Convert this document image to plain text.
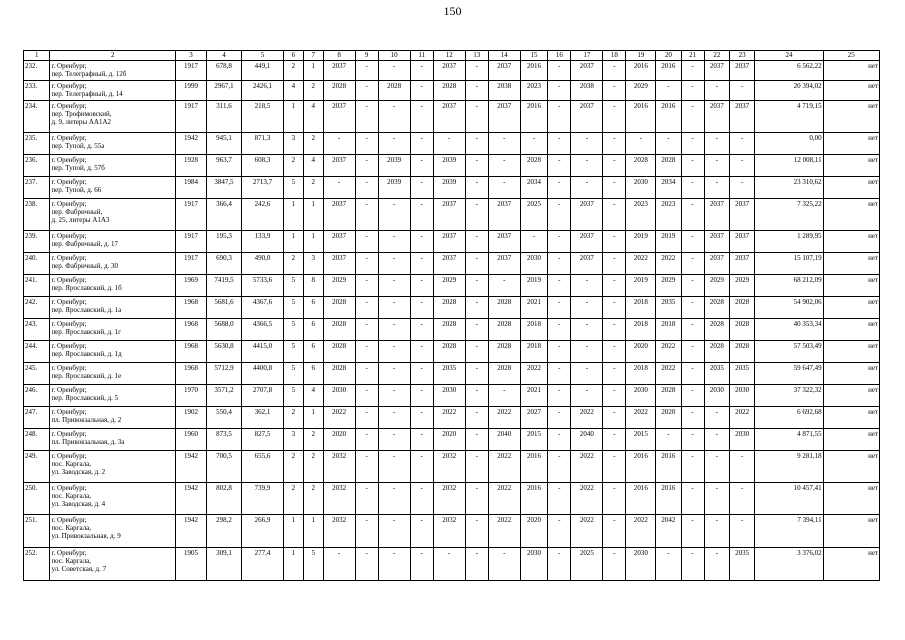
150
1	2	3	4	5	6	7	8	9	10	11	12	13	14	15	16	17	18	19	20	21	22	23	24	25
232.	г. Оренбург,
пер. Телеграфный, д. 12б	1917	678,8	449,1	2	1	2037	-	-	-	2037	-	2037	2016	-	2037	-	2016	2016	-	2037	2037	6 562,22	нет
233.	г. Оренбург,
пер. Телеграфный, д. 14	1999	2967,1	2426,1	4	2	2028	-	2028	-	2028	-	2038	2023	-	2038	-	2029	-	-	-	-	20 394,02	нет
234.	г. Оренбург,
пер. Трофимовский,
д. 9, литеры АА1А2	1917	311,6	218,5	1	4	2037	-	-	-	2037	-	2037	2016	-	2037	-	2016	2016	-	2037	2037	4 719,15	нет
235.	г. Оренбург,
пер. Тупой, д. 55а	1942	945,1	871,3	3	2	-	-	-	-	-	-	-	-	-	-	-	-	-	-	-	-	0,00	нет
236.	г. Оренбург,
пер. Тупой, д. 57б	1928	963,7	608,3	2	4	2037	-	2039	-	2039	-	-	2028	-	-	-	2028	2028	-	-	-	12 008,11	нет
237.	г. Оренбург,
пер. Тупой, д. 66	1984	3847,5	2713,7	5	2	-	-	2039	-	2039	-	-	2034	-	-	-	2030	2034	-	-	-	23 310,62	нет
238.	г. Оренбург,
пер. Фабричный,
д. 25, литеры А1А3	1917	366,4	242,6	1	1	2037	-	-	-	2037	-	2037	2025	-	2037	-	2023	2023	-	2037	2037	7 325,22	нет
239.	г. Оренбург,
пер. Фабричный, д. 17	1917	195,3	133,9	1	1	2037	-	-	-	2037	-	2037	-	-	2037	-	2019	2019	-	2037	2037	1 289,95	нет
240.	г. Оренбург,
пер. Фабричный, д. 30	1917	690,3	490,0	2	3	2037	-	-	-	2037	-	2037	2030	-	2037	-	2022	2022	-	2037	2037	15 107,19	нет
241.	г. Оренбург,
пер. Ярославский, д. 1б	1969	7419,5	5733,6	5	8	2029	-	-	-	2029	-	-	2019	-	-	-	2019	2029	-	2029	2029	68 212,09	нет
242.	г. Оренбург,
пер. Ярославский, д. 1а	1968	5681,6	4367,6	5	6	2028	-	-	-	2028	-	2028	2021	-	-	-	2018	2035	-	2028	2028	54 902,06	нет
243.	г. Оренбург,
пер. Ярославский, д. 1г	1968	5688,0	4366,5	5	6	2028	-	-	-	2028	-	2028	2018	-	-	-	2018	2018	-	2028	2028	40 353,34	нет
244.	г. Оренбург,
пер. Ярославский, д. 1д	1968	5630,8	4415,0	5	6	2028	-	-	-	2028	-	2028	2018	-	-	-	2020	2022	-	2028	2028	57 503,49	нет
245.	г. Оренбург,
пер. Ярославский, д. 1е	1968	5712,9	4400,8	5	6	2028	-	-	-	2035	-	2028	2022	-	-	-	2018	2022	-	2035	2035	59 647,49	нет
246.	г. Оренбург,
пер. Ярославский, д. 5	1970	3571,2	2707,8	5	4	2030	-	-	-	2030	-	-	2021	-	-	-	2030	2028	-	2030	2030	37 322,32	нет
247.	г. Оренбург,
пл. Привокзальная, д. 2	1902	550,4	362,1	2	1	2022	-	-	-	2022	-	2022	2027	-	2022	-	2022	2020	-	-	2022	6 692,68	нет
248.	г. Оренбург,
пл. Привокзальная, д. 3а	1960	873,5	827,5	3	2	2020	-	-	-	2020	-	2040	2015	-	2040	-	2015	-	-	-	2030	4 871,55	нет
249.	г. Оренбург,
пос. Каргала,
ул. Заводская, д. 2	1942	700,5	655,6	2	2	2032	-	-	-	2032	-	2022	2016	-	2022	-	2016	2016	-	-	-	9 281,18	нет
250.	г. Оренбург,
пос. Каргала,
ул. Заводская, д. 4	1942	802,8	739,9	2	2	2032	-	-	-	2032	-	2022	2016	-	2022	-	2016	2016	-	-	-	10 457,41	нет
251.	г. Оренбург,
пос. Каргала,
ул. Привокзальная, д. 9	1942	298,2	266,9	1	1	2032	-	-	-	2032	-	2022	2020	-	2022	-	2022	2042	-	-	-	7 394,11	нет
252.	г. Оренбург,
пос. Каргала,
ул. Советская, д. 7	1905	309,1	277,4	1	5	-	-	-	-	-	-	-	2030	-	2025	-	2030	-	-	-	2035	3 376,02	нет
